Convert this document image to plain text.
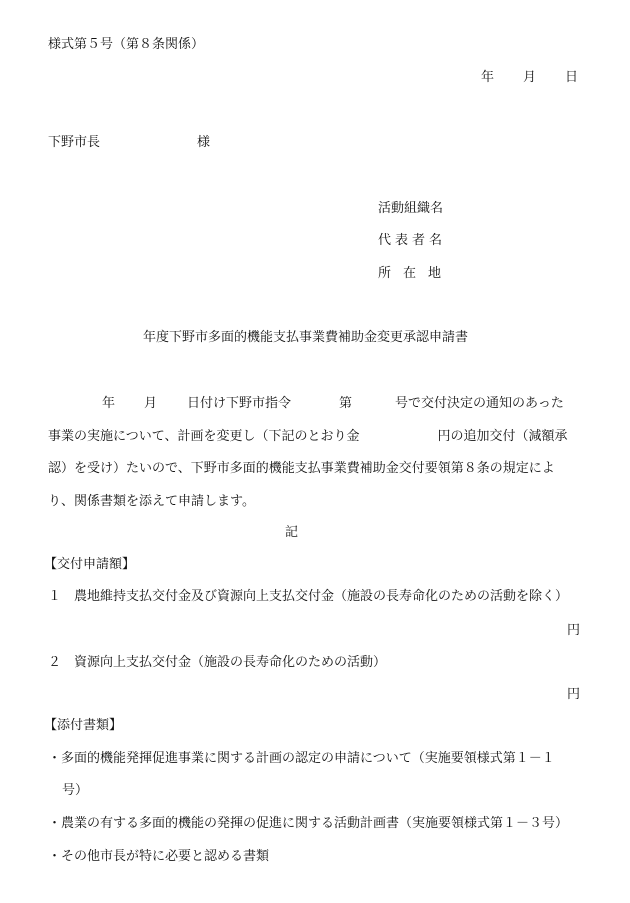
様式第５号（第８条関係）
年 月 日
下野市長	様
活動組織名
代表者名
所在地
年度下野市多面的機能支払事業費補助金変更承認申請書
年 月 日付け下野市指令	第	号で交付決定の通知のあった
事業の実施について、計画を変更し（下記のとおり金　　　　　　円の追加交付（減額承
認）を受け）たいので、下野市多面的機能支払事業費補助金交付要領第８条の規定によ
り、関係書類を添えて申請します。
記
【交付申請額】
１　農地維持支払交付金及び資源向上支払交付金（施設の長寿命化のための活動を除く）
円
２　資源向上支払交付金（施設の長寿命化のための活動）
円
【添付書類】
・多面的機能発揮促進事業に関する計画の認定の申請について（実施要領様式第１－１
号）
・農業の有する多面的機能の発揮の促進に関する活動計画書（実施要領様式第１－３号）
・その他市長が特に必要と認める書類
